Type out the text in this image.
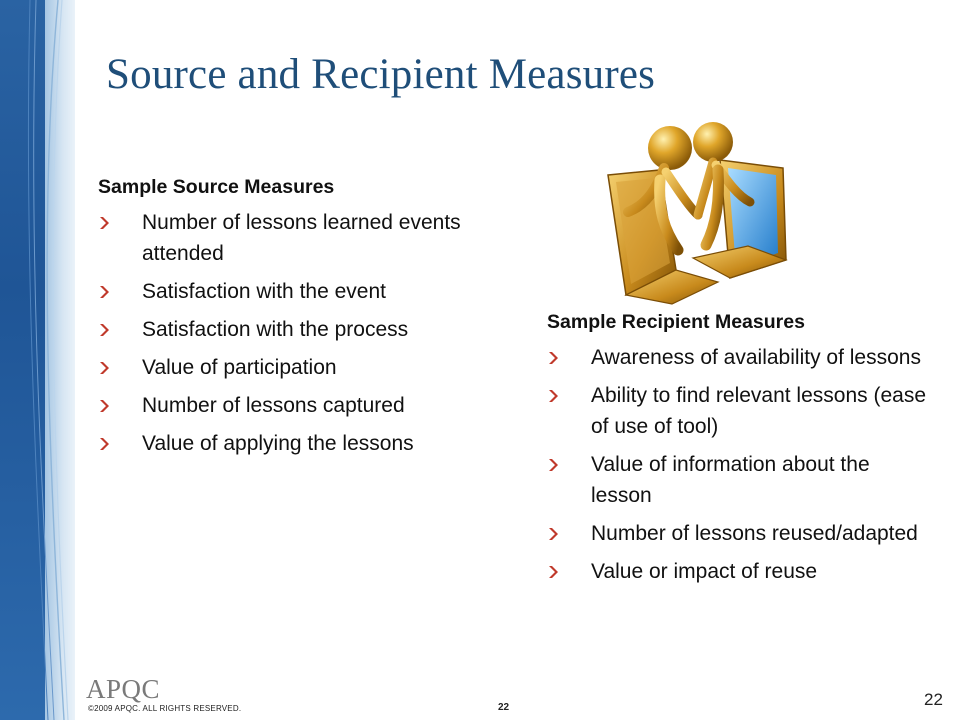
Source and Recipient Measures
Sample Source Measures
Number of lessons learned events attended
Satisfaction with the event
Satisfaction with the process
Value of participation
Number of lessons captured
Value of applying the lessons
Sample Recipient Measures
Awareness of availability of lessons
Ability to find relevant lessons (ease of use of tool)
Value of information about the lesson
Number of lessons reused/adapted
Value or impact of reuse
APQC
©2009 APQC. ALL RIGHTS RESERVED.	22	22
